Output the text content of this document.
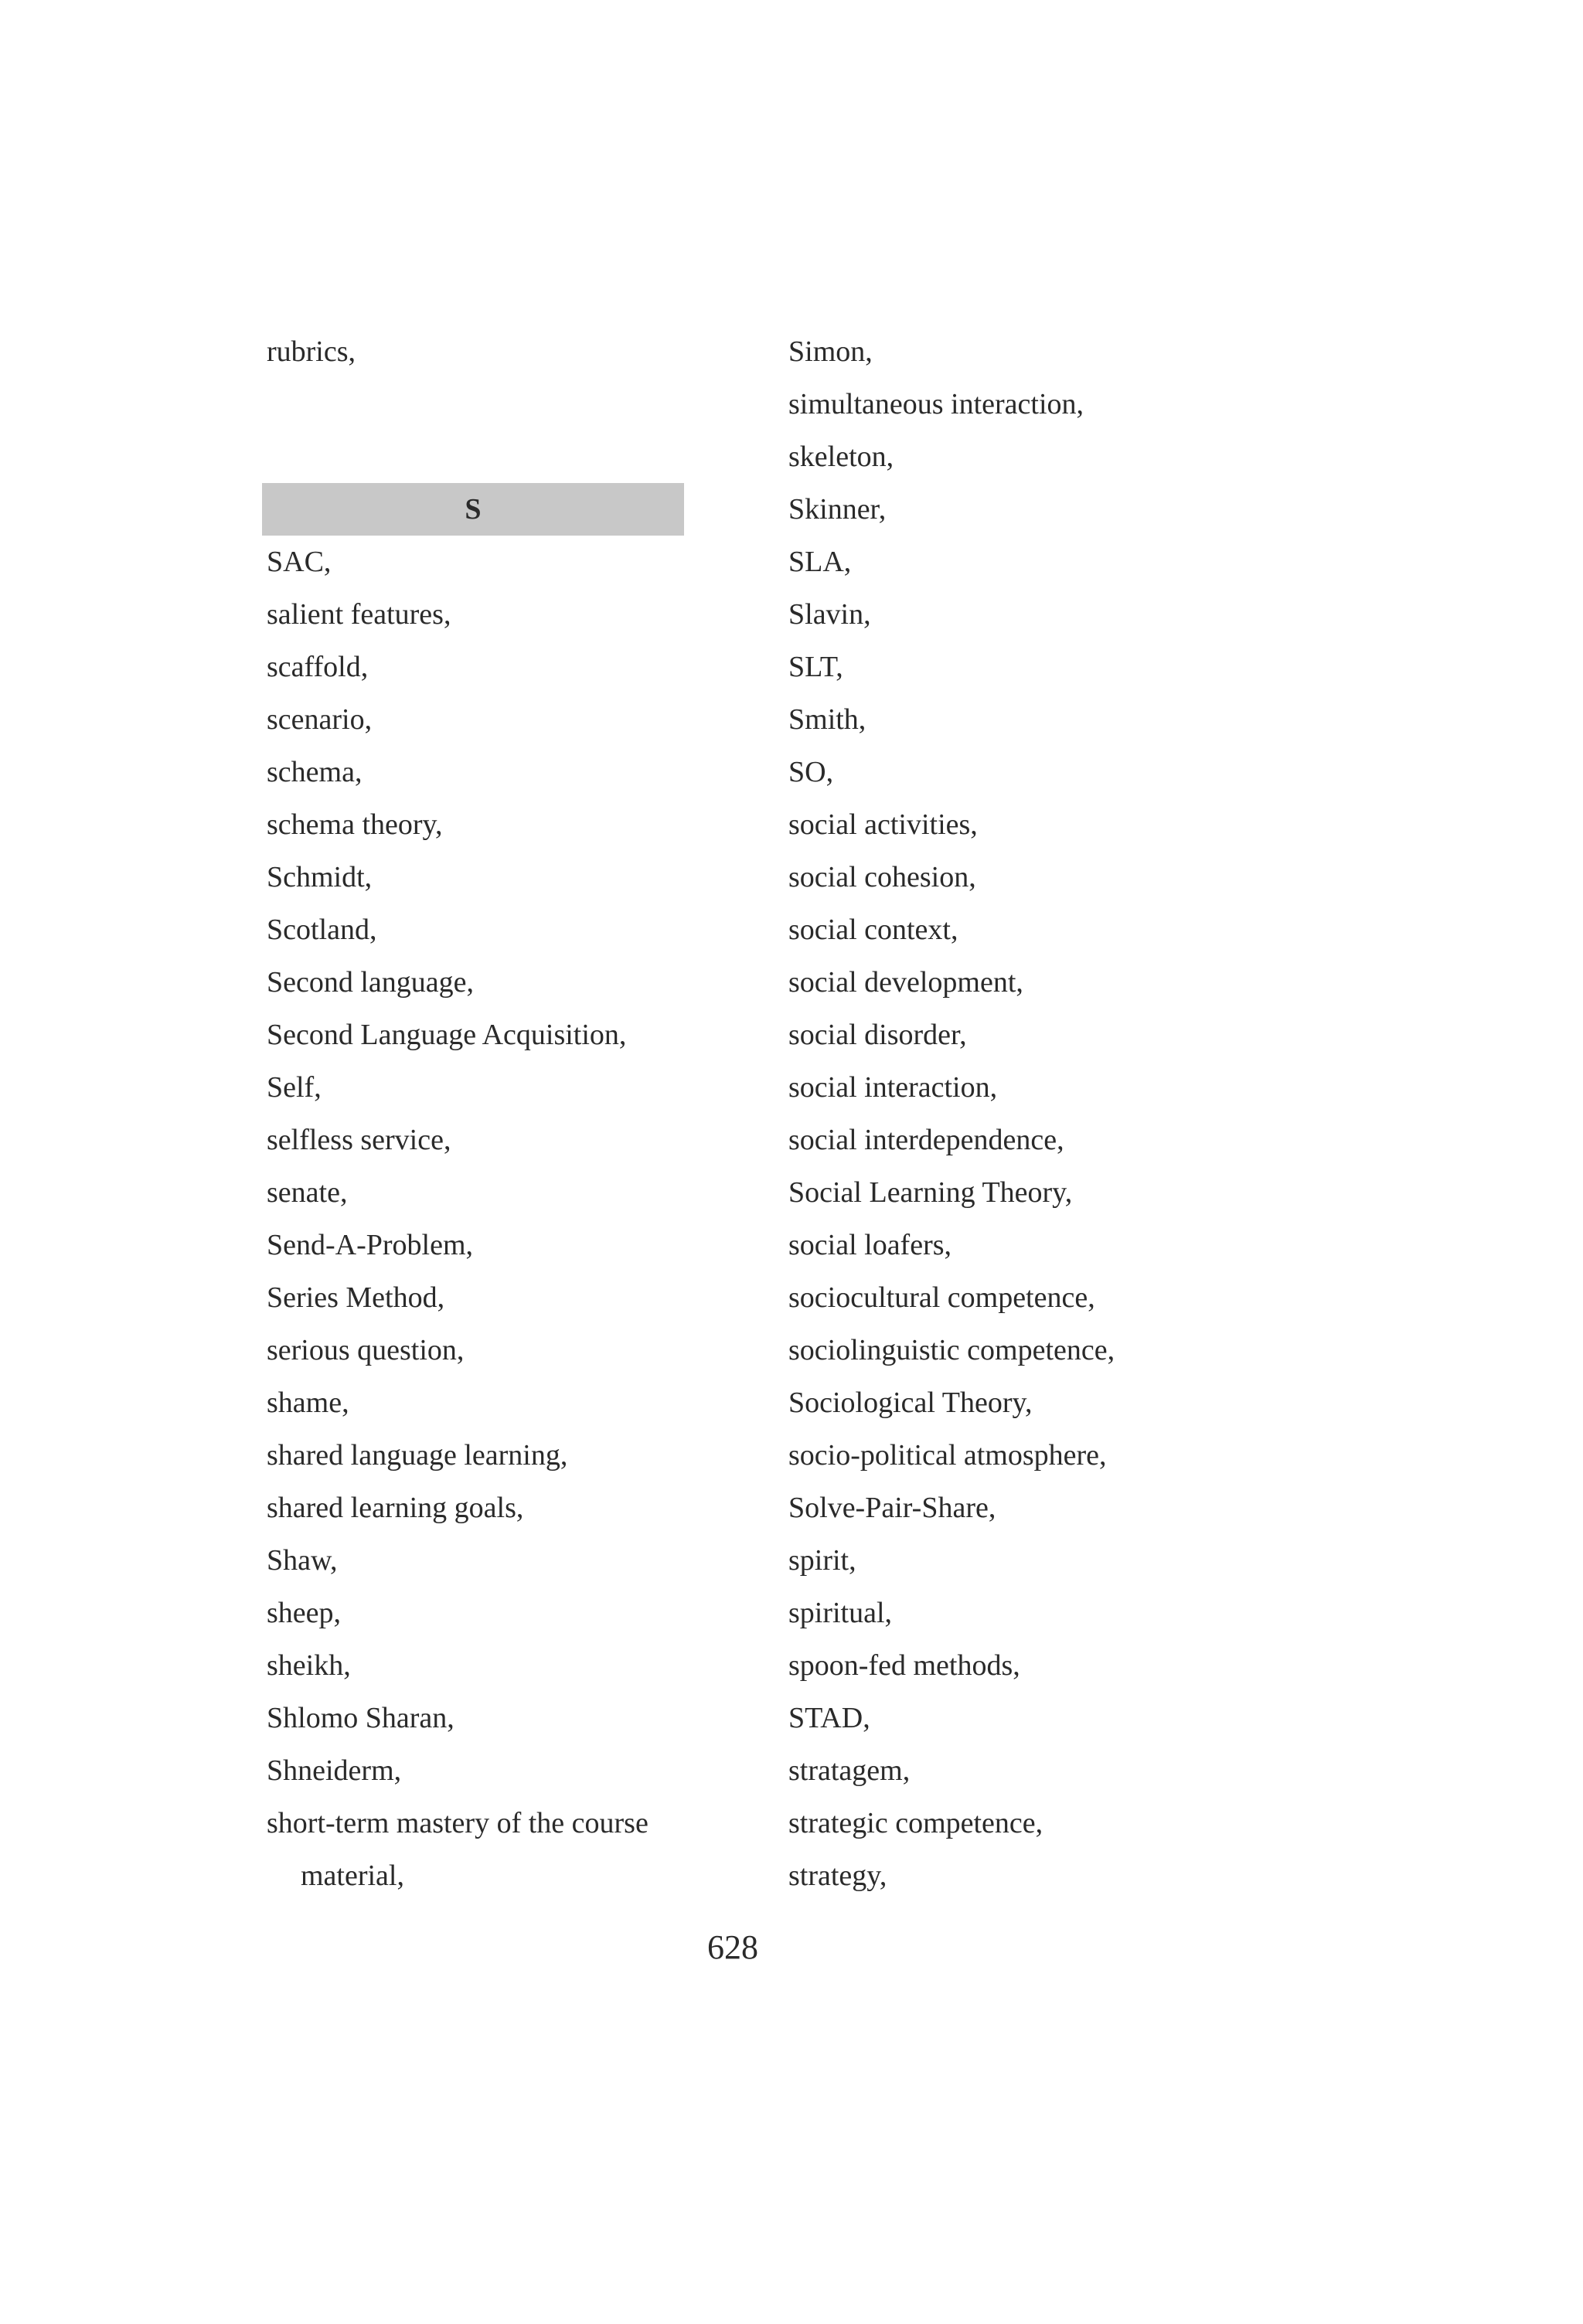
rubrics,
S
SAC,
salient features,
scaffold,
scenario,
schema,
schema theory,
Schmidt,
Scotland,
Second language,
Second Language Acquisition,
Self,
selfless service,
senate,
Send-A-Problem,
Series Method,
serious question,
shame,
shared language learning,
shared learning goals,
Shaw,
sheep,
sheikh,
Shlomo Sharan,
Shneiderm,
short-term mastery of the course
material,
Simon,
simultaneous interaction,
skeleton,
Skinner,
SLA,
Slavin,
SLT,
Smith,
SO,
social activities,
social cohesion,
social context,
social development,
social disorder,
social interaction,
social interdependence,
Social Learning Theory,
social loafers,
sociocultural competence,
sociolinguistic competence,
Sociological Theory,
socio-political atmosphere,
Solve-Pair-Share,
spirit,
spiritual,
spoon-fed methods,
STAD,
stratagem,
strategic competence,
strategy,
628
